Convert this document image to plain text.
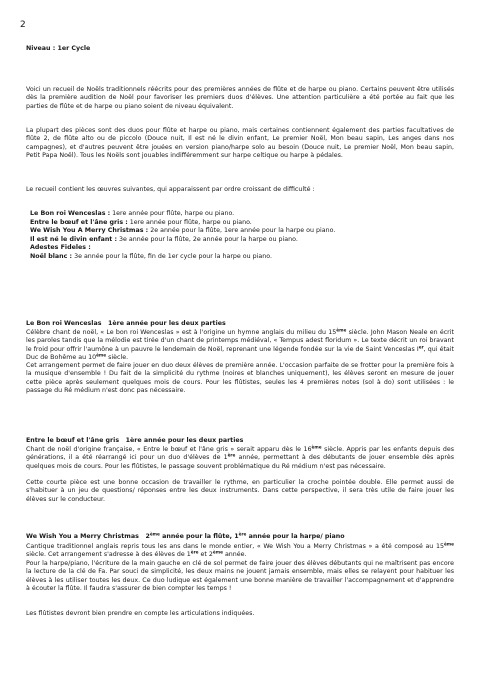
2

Niveau : 1er Cycle

Voici un recueil de Noëls traditionnels réécrits pour des premières années de flûte et de harpe ou piano. Certains peuvent être utilisés dès la première audition de Noël pour favoriser les premiers duos d'élèves. Une attention particulière a été portée au fait que les parties de flûte et de harpe ou piano soient de niveau équivalent.

La plupart des pièces sont des duos pour flûte et harpe ou piano, mais certaines contiennent également des parties facultatives de flûte 2, de flûte alto ou de piccolo (Douce nuit, Il est né le divin enfant, Le premier Noël, Mon beau sapin, Les anges dans nos campagnes), et d'autres peuvent être jouées en version piano/harpe solo au besoin (Douce nuit, Le premier Noël, Mon beau sapin, Petit Papa Noël). Tous les Noëls sont jouables indifféremment sur harpe celtique ou harpe à pédales.

Le recueil contient les œuvres suivantes, qui apparaissent par ordre croissant de difficulté :

Le Bon roi Wenceslas : 1ere année pour flûte, harpe ou piano.
Entre le bœuf et l'âne gris : 1ere année pour flûte, harpe ou piano.
We Wish You A Merry Christmas : 2e année pour la flûte, 1ere année pour la harpe ou piano.
Il est né le divin enfant : 3e année pour la flûte, 2e année pour la harpe ou piano.
Adestes Fideles :
Noël blanc : 3e année pour la flûte, fin de 1er cycle pour la harpe ou piano.

Le Bon roi Wenceslas 1ère année pour les deux parties

Célèbre chant de noël, « Le bon roi Wenceslas » est à l'origine un hymne anglais du milieu du 15ème siècle. John Mason Neale en écrit les paroles tandis que la mélodie est tirée d'un chant de printemps médiéval, « Tempus adest floridum ». Le texte décrit un roi bravant le froid pour offrir l'aumône à un pauvre le lendemain de Noël, reprenant une légende fondée sur la vie de Saint Venceslas Ier, qui était Duc de Bohême au 10ème siècle.

Cet arrangement permet de faire jouer en duo deux élèves de première année. L'occasion parfaite de se frotter pour la première fois à la musique d'ensemble ! Du fait de la simplicité du rythme (noires et blanches uniquement), les élèves seront en mesure de jouer cette pièce après seulement quelques mois de cours. Pour les flûtistes, seules les 4 premières notes (sol à do) sont utilisées : le passage du Ré médium n'est donc pas nécessaire.

Entre le bœuf et l'âne gris 1ère année pour les deux parties

Chant de noël d'origine française, « Entre le bœuf et l'âne gris » serait apparu dès le 16ème siècle. Appris par les enfants depuis des générations, il a été réarrangé ici pour un duo d'élèves de 1ère année, permettant à des débutants de jouer ensemble dès après quelques mois de cours. Pour les flûtistes, le passage souvent problématique du Ré médium n'est pas nécessaire.

Cette courte pièce est une bonne occasion de travailler le rythme, en particulier la croche pointée double. Elle permet aussi de s'habituer à un jeu de questions/ réponses entre les deux instruments. Dans cette perspective, il sera très utile de faire jouer les élèves sur le conducteur.

We Wish You a Merry Christmas 2ème année pour la flûte, 1ère année pour la harpe/ piano

Cantique traditionnel anglais repris tous les ans dans le monde entier, « We Wish You a Merry Christmas » a été composé au 15ème siècle. Cet arrangement s'adresse à des élèves de 1ère et 2ème année.

Pour la harpe/piano, l'écriture de la main gauche en clé de sol permet de faire jouer des élèves débutants qui ne maîtrisent pas encore la lecture de la clé de Fa. Par souci de simplicité, les deux mains ne jouent jamais ensemble, mais elles se relayent pour habituer les élèves à les utiliser toutes les deux. Ce duo ludique est également une bonne manière de travailler l'accompagnement et d'apprendre à écouter la flûte. Il faudra s'assurer de bien compter les temps !

Les flûtistes devront bien prendre en compte les articulations indiquées.
